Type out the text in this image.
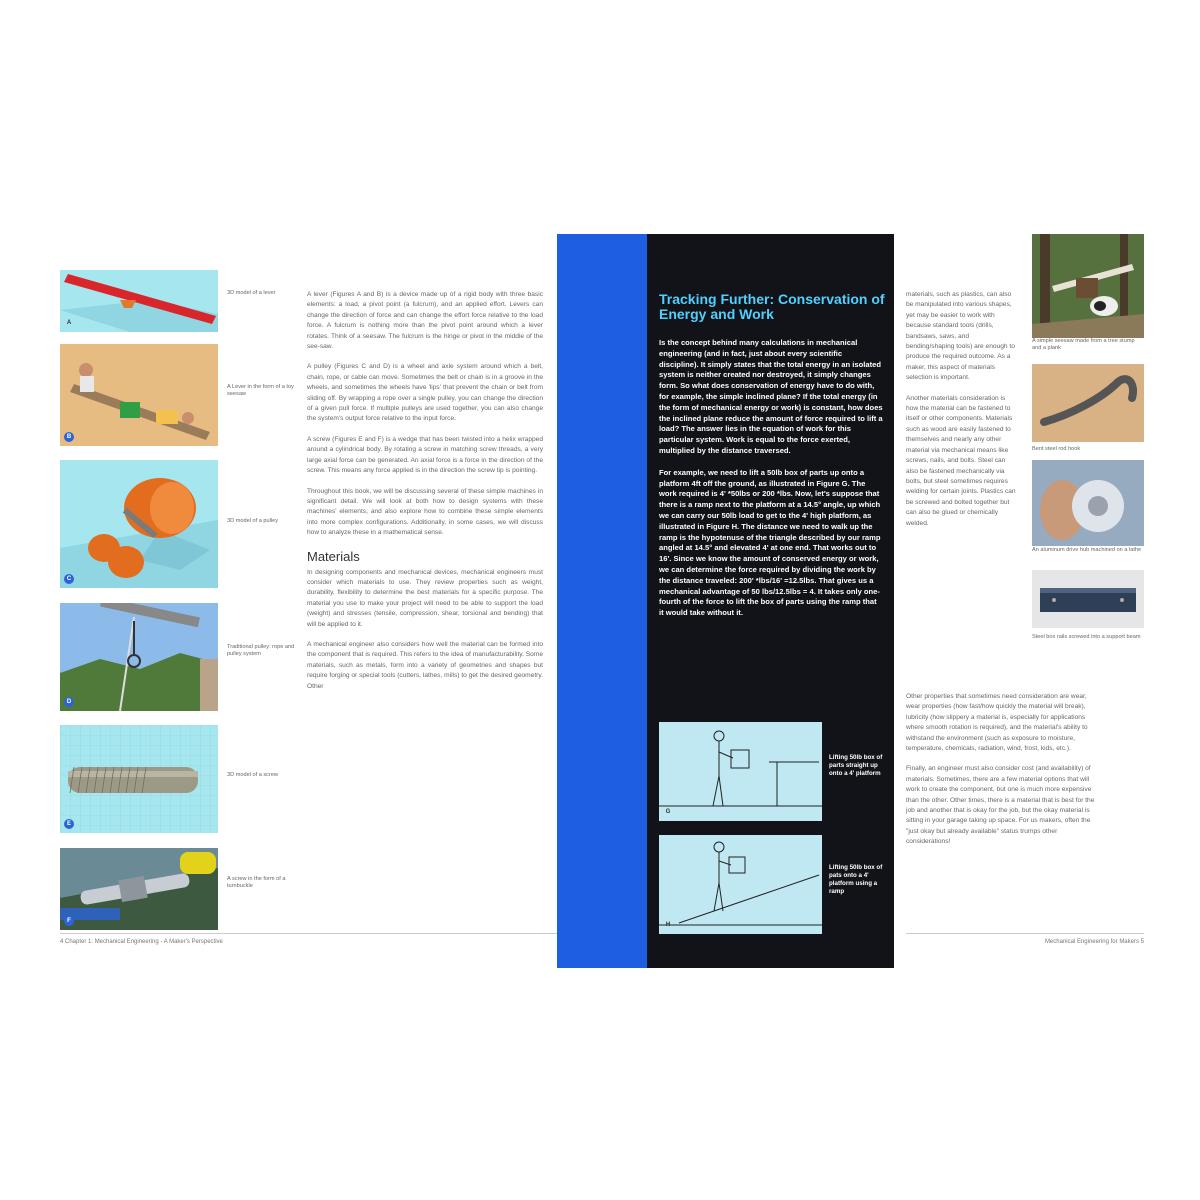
A
3D model of a lever
B
A Lever in the form of a toy seesaw
C
3D model of a pulley
D
Traditional pulley: rope and pulley system
E
3D model of a screw
F
A screw in the form of a turnbuckle

A lever (Figures A and B) is a device made up of a rigid body with three basic elements: a load, a pivot point (a fulcrum), and an applied effort. Levers can change the direction of force and can change the effort force relative to the load force. A fulcrum is nothing more than the pivot point around which a lever rotates. Think of a seesaw. The fulcrum is the hinge or pivot in the middle of the see-saw.

A pulley (Figures C and D) is a wheel and axle system around which a belt, chain, rope, or cable can move. Sometimes the belt or chain is in a groove in the wheels, and sometimes the wheels have 'lips' that prevent the chain or belt from sliding off. By wrapping a rope over a single pulley, you can change the direction of a given pull force. If multiple pulleys are used together, you can also change the system's output force relative to the input force.

A screw (Figures E and F) is a wedge that has been twisted into a helix wrapped around a cylindrical body. By rotating a screw in matching screw threads, a very large axial force can be generated. An axial force is a force in the direction of the screw. This means any force applied is in the direction the screw tip is pointing.

Throughout this book, we will be discussing several of these simple machines in significant detail. We will look at both how to design systems with these machines' elements, and also explore how to combine these simple elements into more complex configurations. Additionally, in some cases, we will discuss how to analyze these in a mathematical sense.

Materials

In designing components and mechanical devices, mechanical engineers must consider which materials to use. They review properties such as weight, durability, flexibility to determine the best materials for a specific purpose. The material you use to make your project will need to be able to support the load (weight) and stresses (tensile, compression, shear, torsional and bending) that will be applied to it.

A mechanical engineer also considers how well the material can be formed into the component that is required. This refers to the idea of manufacturability. Some materials, such as metals, form into a variety of geometries and shapes but require forging or special tools (cutters, lathes, mills) to get the desired geometry. Other

4 Chapter 1: Mechanical Engineering - A Maker's Perspective
Tracking Further: Conservation of Energy and Work

Is the concept behind many calculations in mechanical engineering (and in fact, just about every scientific discipline). It simply states that the total energy in an isolated system is neither created nor destroyed, it simply changes form. So what does conservation of energy have to do with, for example, the simple inclined plane? If the total energy (in the form of mechanical energy or work) is constant, how does the inclined plane reduce the amount of force required to lift a load? The answer lies in the equation of work for this particular system. Work is equal to the force exerted, multiplied by the distance traversed.

For example, we need to lift a 50lb box of parts up onto a platform 4ft off the ground, as illustrated in Figure G. The work required is 4' *50lbs or 200 *lbs. Now, let's suppose that there is a ramp next to the platform at a 14.5° angle, up which we can carry our 50lb load to get to the 4' high platform, as illustrated in Figure H. The distance we need to walk up the ramp is the hypotenuse of the triangle described by our ramp angled at 14.5° and elevated 4' at one end. That works out to 16'. Since we know the amount of conserved energy or work, we can determine the force required by dividing the work by the distance traveled: 200' *lbs/16' =12.5lbs. That gives us a mechanical advantage of 50 lbs/12.5lbs = 4. It takes only one-fourth of the force to lift the box of parts using the ramp that it would take without it.

G
Lifting 50lb box of parts straight up onto a 4' platform
H
Lifting 50lb box of pats onto a 4' platform using a ramp

materials, such as plastics, can also be manipulated into various shapes, yet may be easier to work with because standard tools (drills, bandsaws, saws, and bending/shaping tools) are enough to produce the required outcome. As a maker, this aspect of materials selection is important.

Another materials consideration is how the material can be fastened to itself or other components. Materials such as wood are easily fastened to themselves and nearly any other material via mechanical means like screws, nails, and bolts. Steel can also be fastened mechanically via bolts, but steel sometimes requires welding for certain joints. Plastics can be screwed and bolted together but can also be glued or chemically welded.

Other properties that sometimes need consideration are wear, wear properties (how fast/how quickly the material will break), lubricity (how slippery a material is, especially for applications where smooth rotation is required), and the material's ability to withstand the environment (such as exposure to moisture, temperature, chemicals, radiation, wind, frost, kids, etc.).

Finally, an engineer must also consider cost (and availability) of materials. Sometimes, there are a few material options that will work to create the component, but one is much more expensive than the other. Other times, there is a material that is best for the job and another that is okay for the job, but the okay material is sitting in your garage taking up space. For us makers, often the "just okay but already available" status trumps other considerations!

A simple seesaw made from a tree stump and a plank
Bent steel rod hook
An aluminum drive hub machined on a lathe
Steel box rails screwed into a support beam
Mechanical Engineering for Makers 5
